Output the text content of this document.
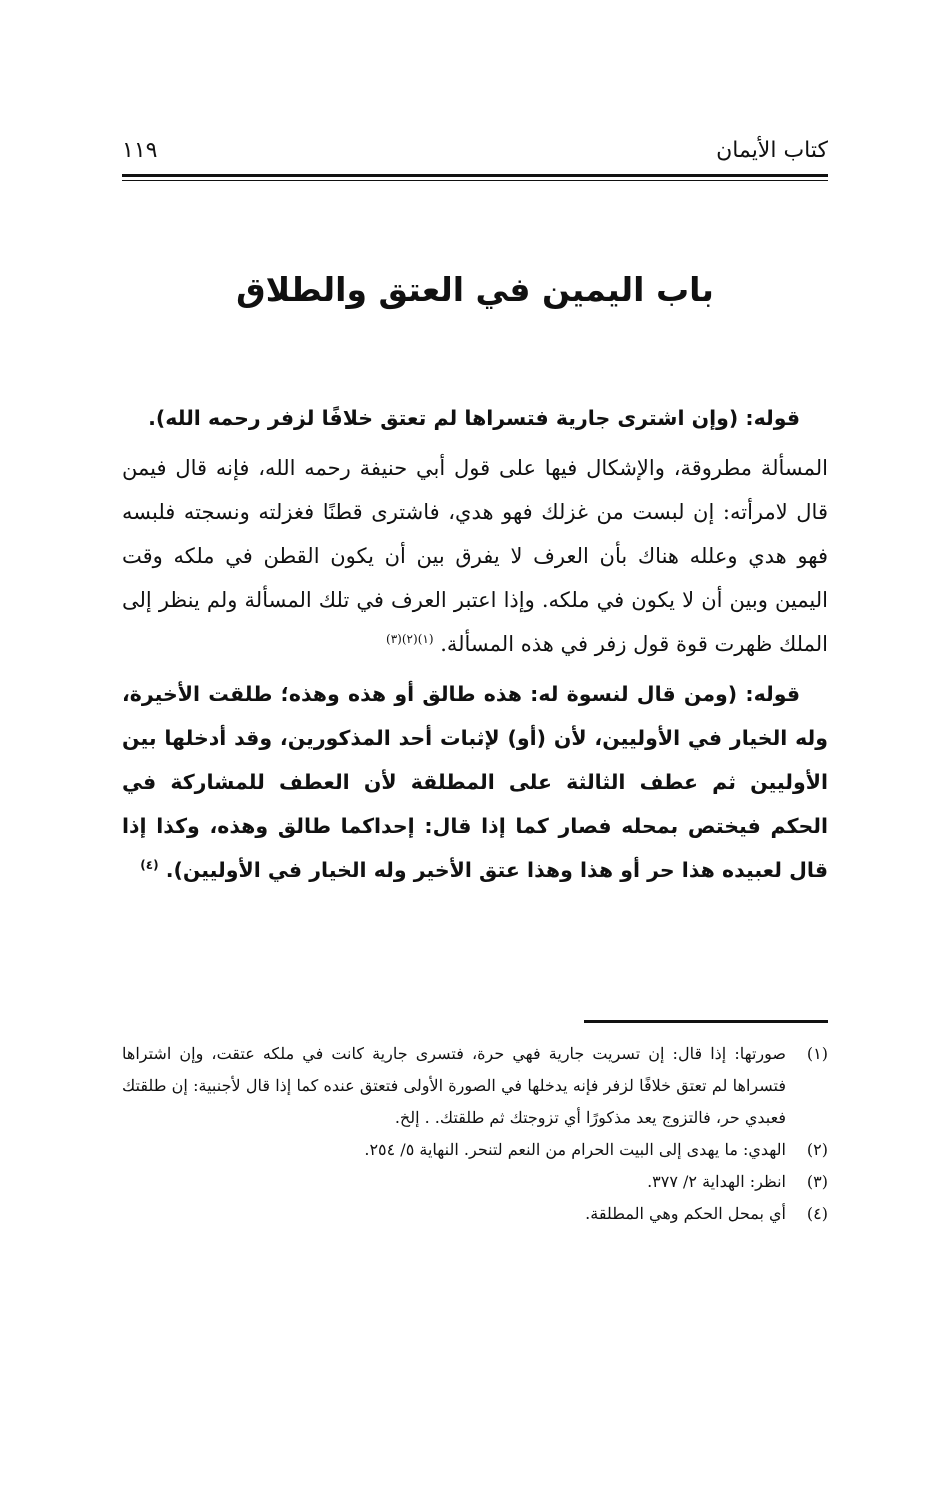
كتاب الأيمان
١١٩
باب اليمين في العتق والطلاق

قوله: (وإن اشترى جارية فتسراها لم تعتق خلافًا لزفر رحمه الله).

المسألة مطروقة، والإشكال فيها على قول أبي حنيفة رحمه الله، فإنه قال فيمن قال لامرأته: إن لبست من غزلك فهو هدي، فاشترى قطنًا فغزلته ونسجته فلبسه فهو هدي وعلله هناك بأن العرف لا يفرق بين أن يكون القطن في ملكه وقت اليمين وبين أن لا يكون في ملكه. وإذا اعتبر العرف في تلك المسألة ولم ينظر إلى الملك ظهرت قوة قول زفر في هذه المسألة. $^{(١)(٢)(٣)}$

قوله: (ومن قال لنسوة له: هذه طالق أو هذه وهذه؛ طلقت الأخيرة، وله الخيار في الأوليين، لأن (أو) لإثبات أحد المذكورين، وقد أدخلها بين الأوليين ثم عطف الثالثة على المطلقة لأن العطف للمشاركة في الحكم فيختص بمحله فصار كما إذا قال: إحداكما طالق وهذه، وكذا إذا قال لعبيده هذا حر أو هذا وهذا عتق الأخير وله الخيار في الأوليين). $^{(٤)}$

(١)
صورتها: إذا قال: إن تسريت جارية فهي حرة، فتسرى جارية كانت في ملكه عتقت، وإن اشتراها فتسراها لم تعتق خلافًا لزفر فإنه يدخلها في الصورة الأولى فتعتق عنده كما إذا قال لأجنبية: إن طلقتك فعبدي حر، فالتزوج يعد مذكورًا أي تزوجتك ثم طلقتك. . إلخ.
(٢)
الهدي: ما يهدى إلى البيت الحرام من النعم لتنحر. النهاية ٥/ ٢٥٤.
(٣)
انظر: الهداية ٢/ ٣٧٧.
(٤)
أي بمحل الحكم وهي المطلقة.
